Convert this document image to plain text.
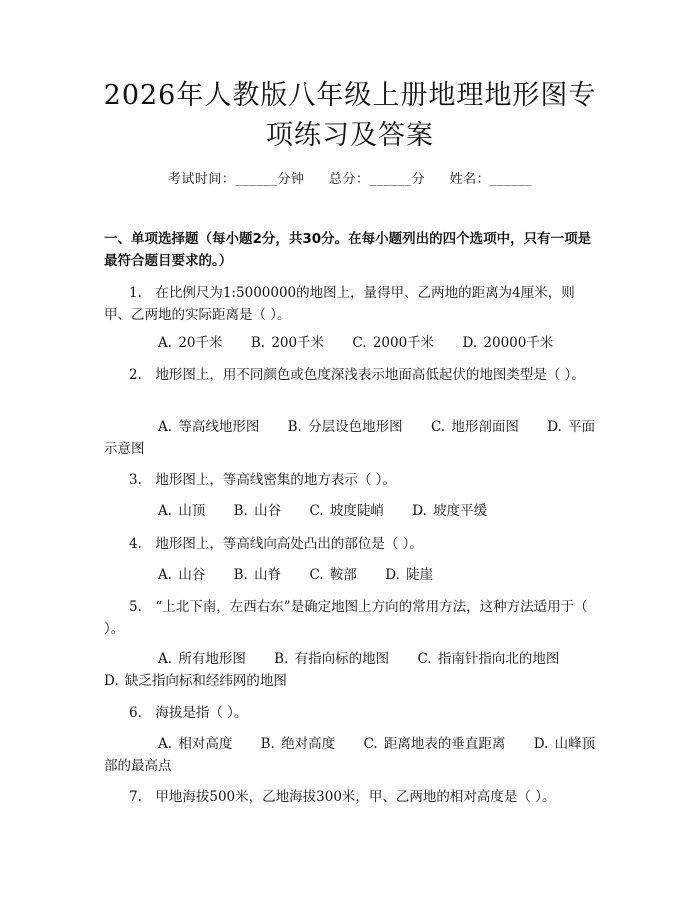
2026年人教版八年级上册地理地形图专项练习及答案
考试时间：______分钟 总分：______分 姓名：______
一、单项选择题（每小题2分，共30分。在每小题列出的四个选项中，只有一项是最符合题目要求的。）
1.　在比例尺为1:5000000的地图上，量得甲、乙两地的距离为4厘米，则甲、乙两地的实际距离是（ ）。
A. 20千米 B. 200千米 C. 2000千米 D. 20000千米
2.　地形图上，用不同颜色或色度深浅表示地面高低起伏的地图类型是（ ）。
A. 等高线地形图 B. 分层设色地形图 C. 地形剖面图 D. 平面示意图
3.　地形图上，等高线密集的地方表示（ ）。
A. 山顶 B. 山谷 C. 坡度陡峭 D. 坡度平缓
4.　地形图上，等高线向高处凸出的部位是（ ）。
A. 山谷 B. 山脊 C. 鞍部 D. 陡崖
5.　“上北下南，左西右东”是确定地图上方向的常用方法，这种方法适用于（ ）。
A. 所有地形图 B. 有指向标的地图 C. 指南针指向北的地图 D. 缺乏指向标和经纬网的地图
6.　海拔是指（ ）。
A. 相对高度 B. 绝对高度 C. 距离地表的垂直距离 D. 山峰顶部的最高点
7.　甲地海拔500米，乙地海拔300米，甲、乙两地的相对高度是（ ）。
